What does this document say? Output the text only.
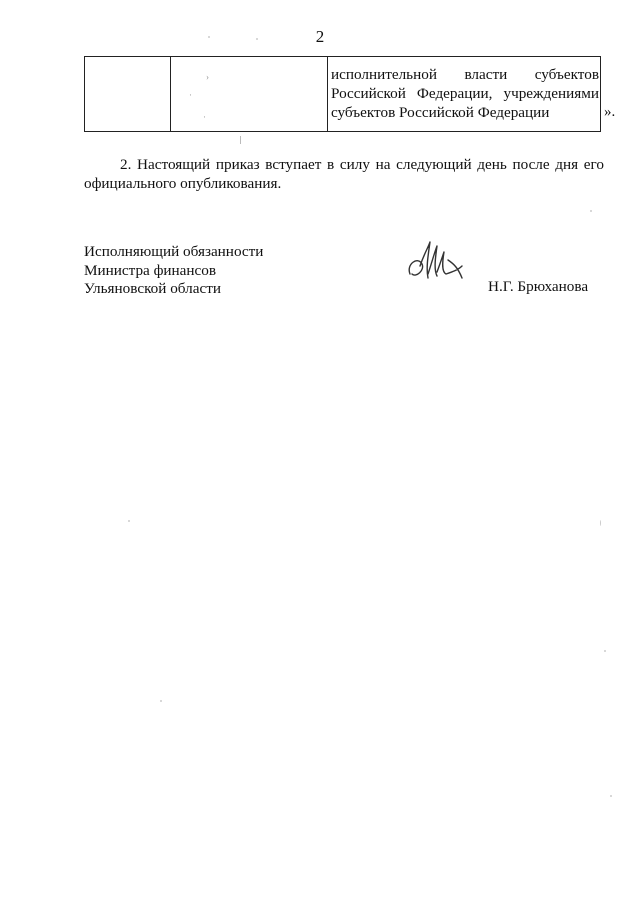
2

›
·
·

исполнительной власти субъектов Российской Федерации, учреждениями субъектов Российской Федерации	».

2. Настоящий приказ вступает в силу на следующий день после дня его официального опубликования.

Исполняющий обязанности
Министра финансов
Ульяновской области	Н.Г. Брюханова
